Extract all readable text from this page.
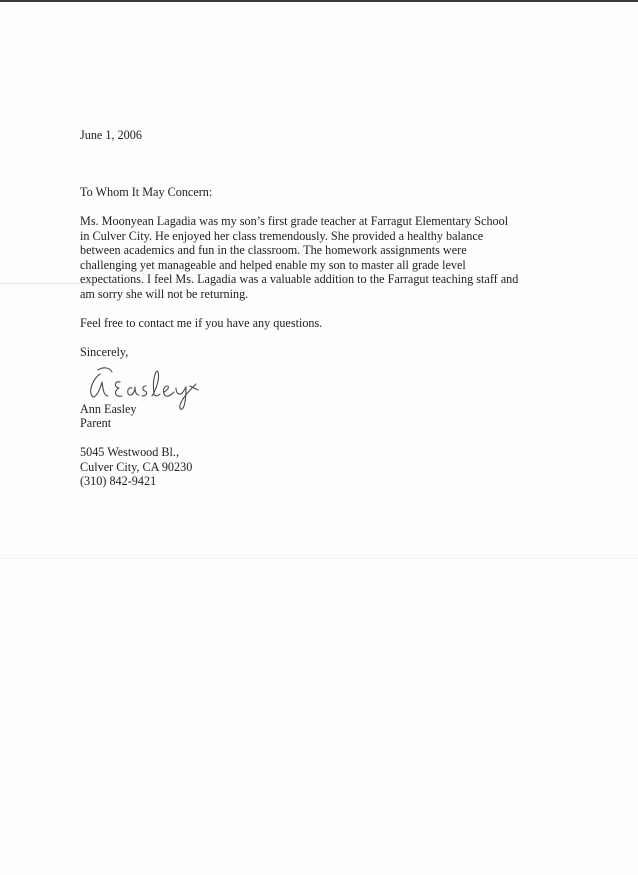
June 1, 2006
To Whom It May Concern:
Ms. Moonyean Lagadia was my son’s first grade teacher at Farragut Elementary School
in Culver City. He enjoyed her class tremendously. She provided a healthy balance
between academics and fun in the classroom. The homework assignments were
challenging yet manageable and helped enable my son to master all grade level
expectations. I feel Ms. Lagadia was a valuable addition to the Farragut teaching staff and
am sorry she will not be returning.
Feel free to contact me if you have any questions.
Sincerely,
Ann Easley
Parent
5045 Westwood Bl.,
Culver City, CA 90230
(310) 842-9421
